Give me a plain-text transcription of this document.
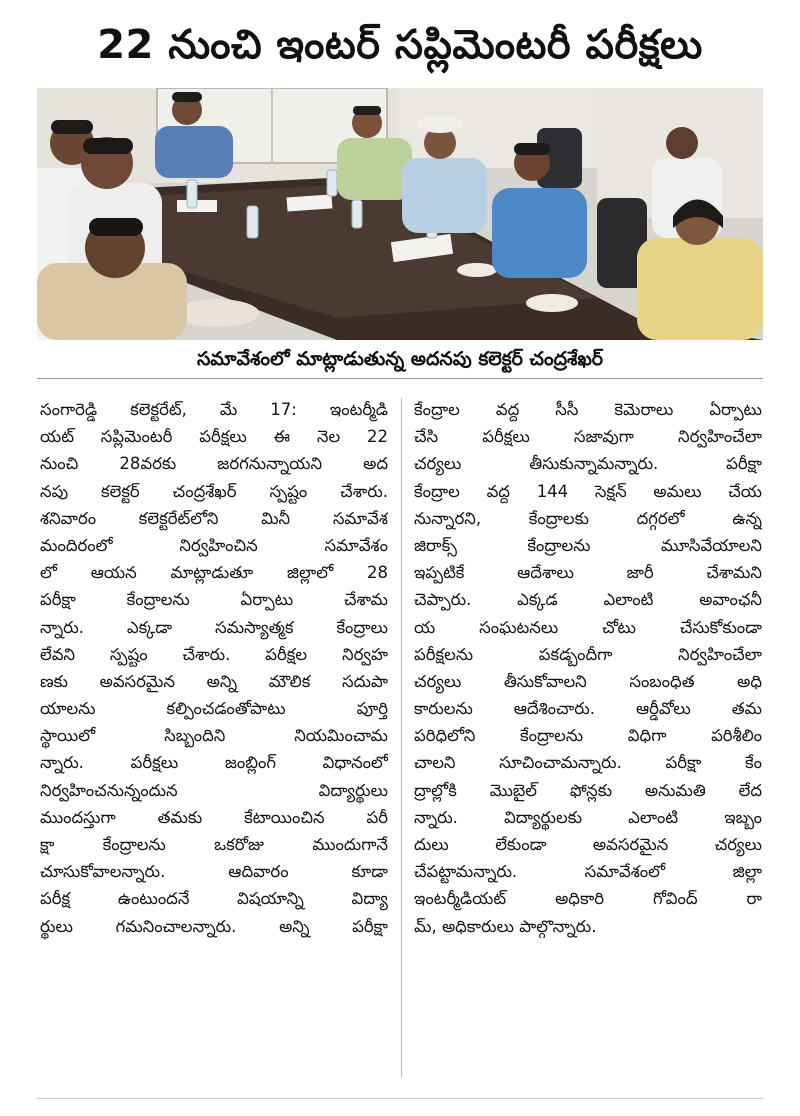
22 నుంచి ఇంటర్ సప్లిమెంటరీ పరీక్షలు
సమావేశంలో మాట్లాడుతున్న అదనపు కలెక్టర్ చంద్రశేఖర్
సంగారెడ్డి కలెక్టరేట్, మే 17: ఇంటర్మీడి
యట్ సప్లిమెంటరీ పరీక్షలు ఈ నెల 22
నుంచి 28వరకు జరగనున్నాయని అద
నపు కలెక్టర్ చంద్రశేఖర్ స్పష్టం చేశారు.
శనివారం కలెక్టరేట్‌లోని మినీ సమావేశ
మందిరంలో నిర్వహించిన సమావేశం
లో ఆయన మాట్లాడుతూ జిల్లాలో 28
పరీక్షా కేంద్రాలను ఏర్పాటు చేశామ
న్నారు. ఎక్కడా సమస్యాత్మక కేంద్రాలు
లేవని స్పష్టం చేశారు. పరీక్షల నిర్వహ
ణకు అవసరమైన అన్ని మౌలిక సదుపా
యాలను కల్పించడంతోపాటు పూర్తి
స్థాయిలో సిబ్బందిని నియమించామ
న్నారు. పరీక్షలు జంబ్లింగ్ విధానంలో
నిర్వహించనున్నందున విద్యార్థులు
ముందస్తుగా తమకు కేటాయించిన పరీ
క్షా కేంద్రాలను ఒకరోజు ముందుగానే
చూసుకోవాలన్నారు. ఆదివారం కూడా
పరీక్ష ఉంటుందనే విషయాన్ని విద్యా
ర్థులు గమనించాలన్నారు. అన్ని పరీక్షా
కేంద్రాల వద్ద సీసీ కెమెరాలు ఏర్పాటు
చేసి పరీక్షలు సజావుగా నిర్వహించేలా
చర్యలు తీసుకున్నామన్నారు. పరీక్షా
కేంద్రాల వద్ద 144 సెక్షన్ అమలు చేయ
నున్నారని, కేంద్రాలకు దగ్గరలో ఉన్న
జిరాక్స్ కేంద్రాలను మూసివేయాలని
ఇప్పటికే ఆదేశాలు జారీ చేశామని
చెప్పారు. ఎక్కడ ఎలాంటి అవాంఛనీ
య సంఘటనలు చోటు చేసుకోకుండా
పరీక్షలను పకడ్బందీగా నిర్వహించేలా
చర్యలు తీసుకోవాలని సంబంధిత అధి
కారులను ఆదేశించారు. ఆర్డీవోలు తమ
పరిధిలోని కేంద్రాలను విధిగా పరిశీలిం
చాలని సూచించామన్నారు. పరీక్షా కేం
ద్రాల్లోకి మొబైల్ ఫోన్లకు అనుమతి లేద
న్నారు. విద్యార్థులకు ఎలాంటి ఇబ్బం
దులు లేకుండా అవసరమైన చర్యలు
చేపట్టామన్నారు. సమావేశంలో జిల్లా
ఇంటర్మీడియట్ అధికారి గోవింద్ రా
మ్, అధికారులు పాల్గొన్నారు.
